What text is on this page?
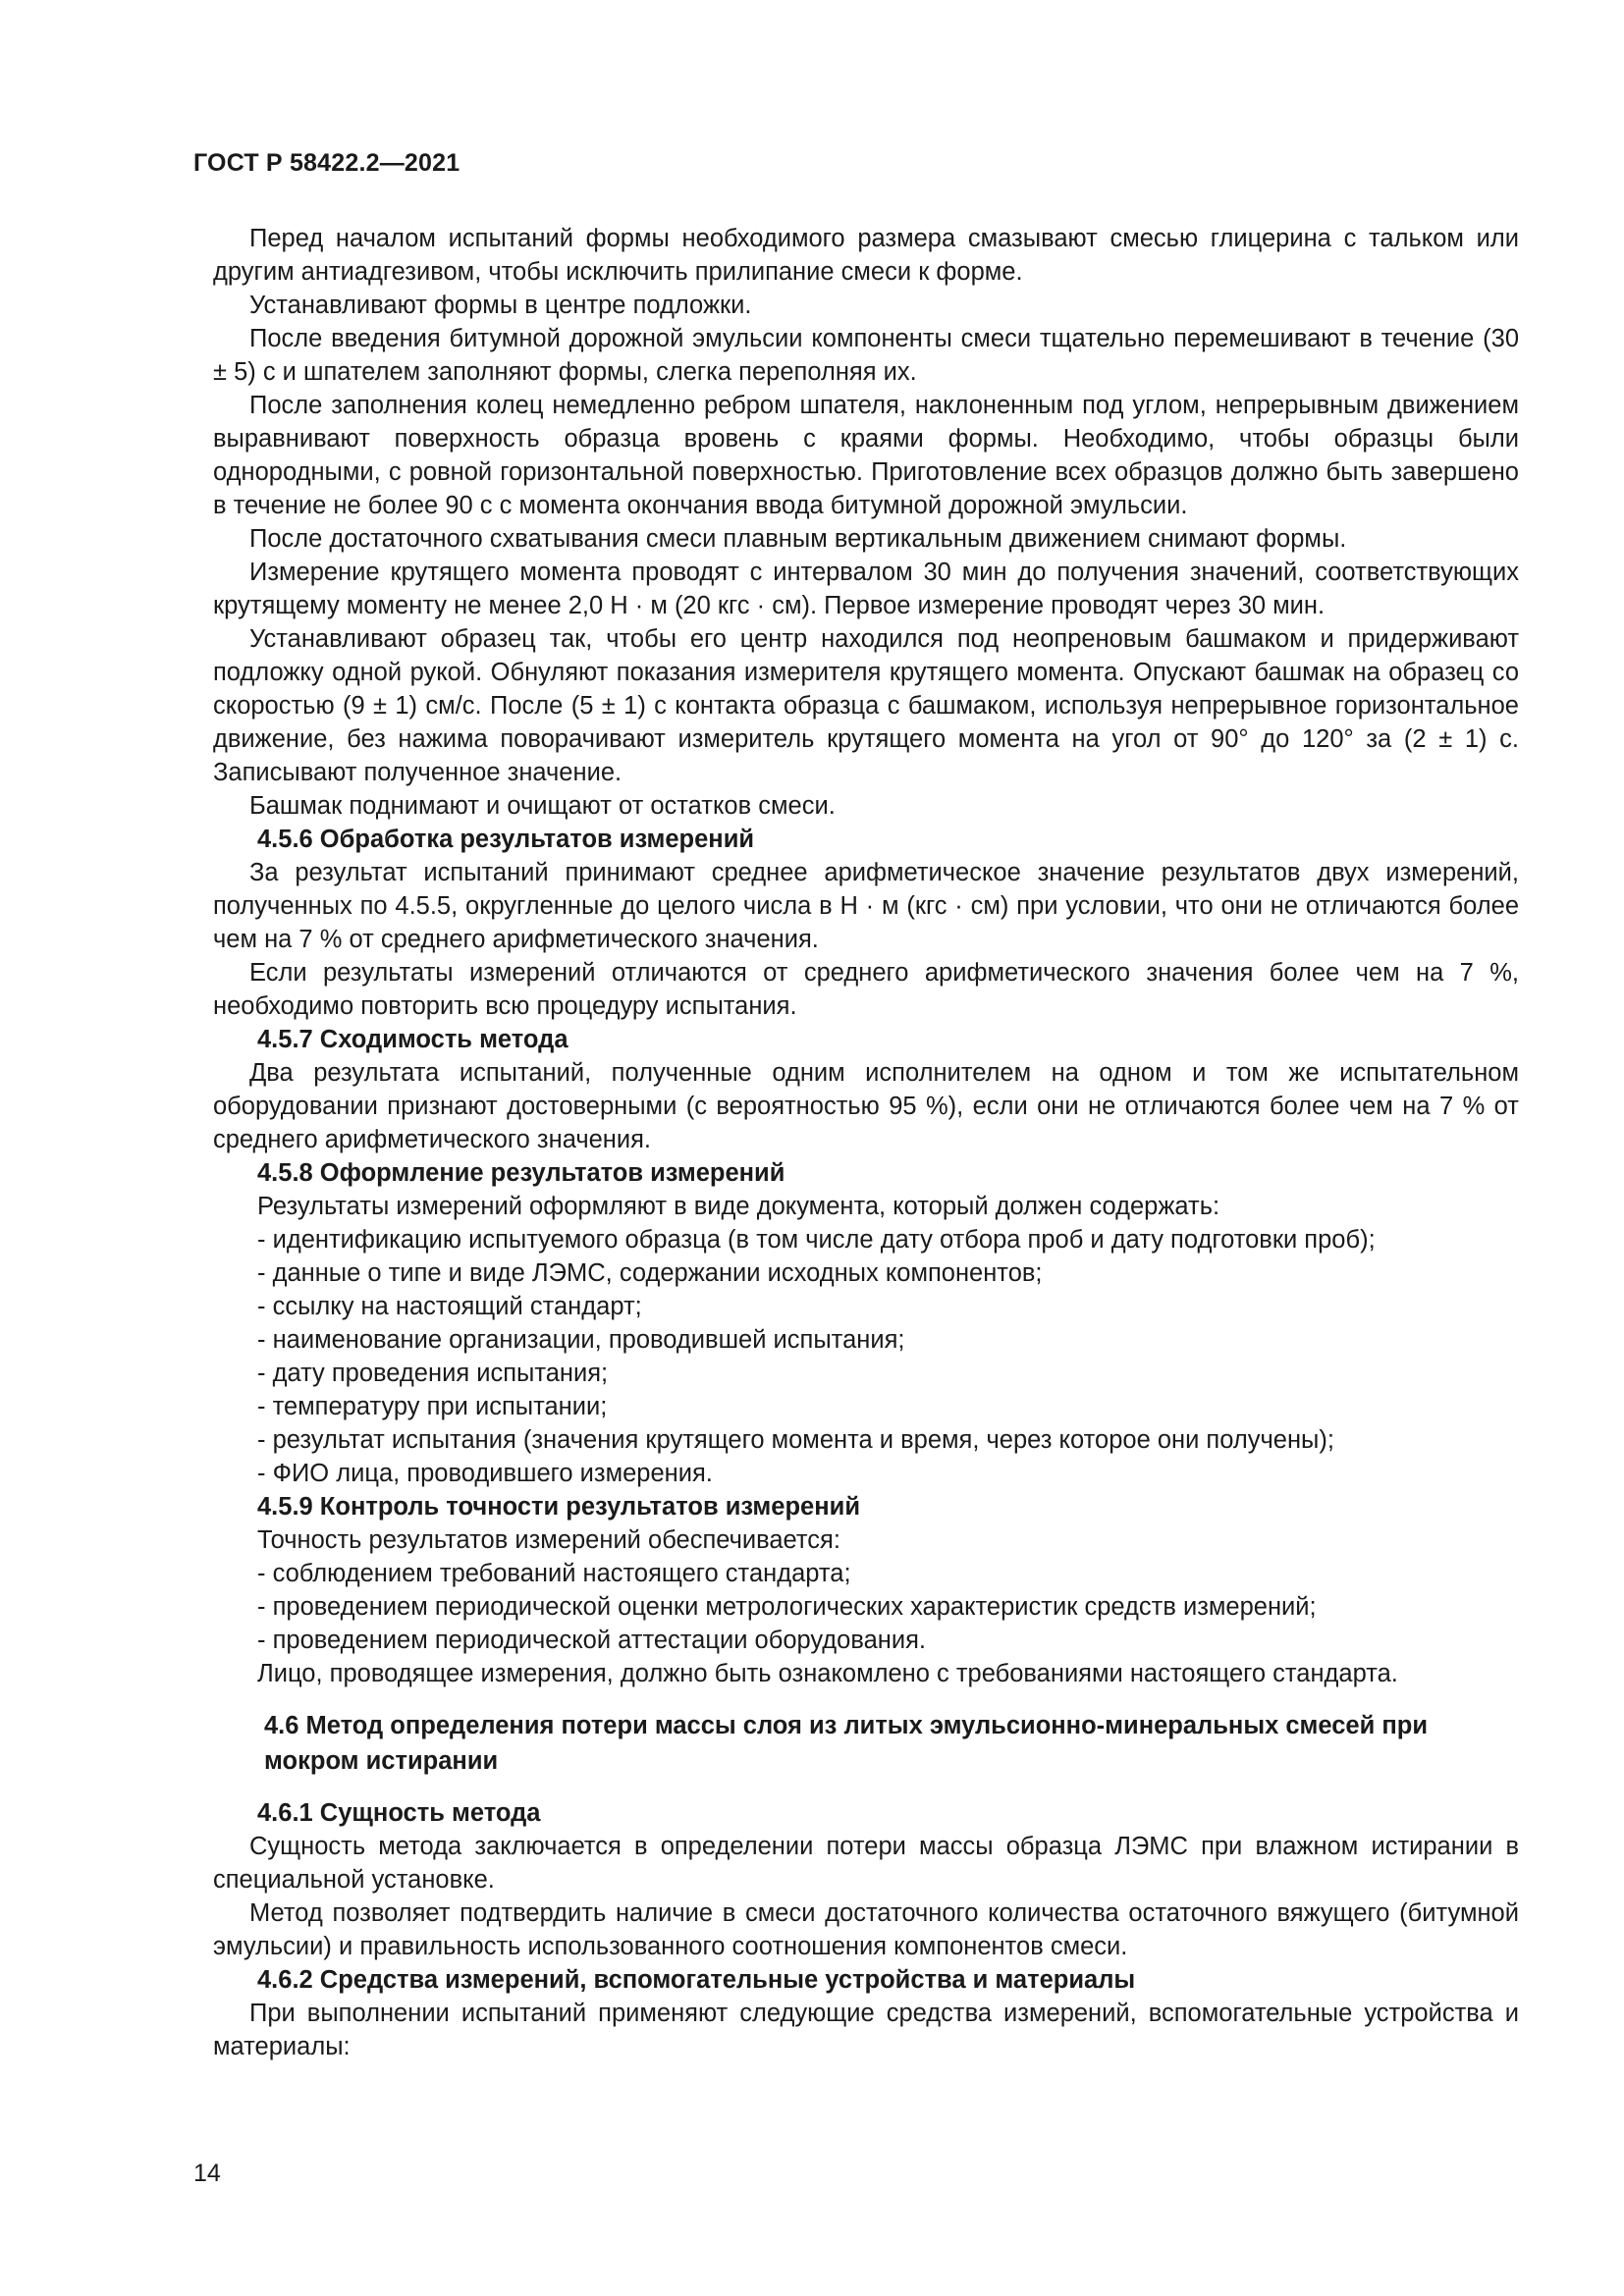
ГОСТ Р 58422.2—2021

Перед началом испытаний формы необходимого размера смазывают смесью глицерина с тальком или другим антиадгезивом, чтобы исключить прилипание смеси к форме.

Устанавливают формы в центре подложки.

После введения битумной дорожной эмульсии компоненты смеси тщательно перемешивают в течение (30 ± 5) с и шпателем заполняют формы, слегка переполняя их.

После заполнения колец немедленно ребром шпателя, наклоненным под углом, непрерывным движением выравнивают поверхность образца вровень с краями формы. Необходимо, чтобы образцы были однородными, с ровной горизонтальной поверхностью. Приготовление всех образцов должно быть завершено в течение не более 90 с с момента окончания ввода битумной дорожной эмульсии.

После достаточного схватывания смеси плавным вертикальным движением снимают формы.

Измерение крутящего момента проводят с интервалом 30 мин до получения значений, соответствующих крутящему моменту не менее 2,0 Н · м (20 кгс · см). Первое измерение проводят через 30 мин.

Устанавливают образец так, чтобы его центр находился под неопреновым башмаком и придерживают подложку одной рукой. Обнуляют показания измерителя крутящего момента. Опускают башмак на образец со скоростью (9 ± 1) см/с. После (5 ± 1) с контакта образца с башмаком, используя непрерывное горизонтальное движение, без нажима поворачивают измеритель крутящего момента на угол от 90° до 120° за (2 ± 1) с. Записывают полученное значение.

Башмак поднимают и очищают от остатков смеси.

4.5.6 Обработка результатов измерений

За результат испытаний принимают среднее арифметическое значение результатов двух измерений, полученных по 4.5.5, округленные до целого числа в Н · м (кгс · см) при условии, что они не отличаются более чем на 7 % от среднего арифметического значения.

Если результаты измерений отличаются от среднего арифметического значения более чем на 7 %, необходимо повторить всю процедуру испытания.

4.5.7 Сходимость метода

Два результата испытаний, полученные одним исполнителем на одном и том же испытательном оборудовании признают достоверными (с вероятностью 95 %), если они не отличаются более чем на 7 % от среднего арифметического значения.

4.5.8 Оформление результатов измерений

Результаты измерений оформляют в виде документа, который должен содержать:

- идентификацию испытуемого образца (в том числе дату отбора проб и дату подготовки проб);

- данные о типе и виде ЛЭМС, содержании исходных компонентов;

- ссылку на настоящий стандарт;

- наименование организации, проводившей испытания;

- дату проведения испытания;

- температуру при испытании;

- результат испытания (значения крутящего момента и время, через которое они получены);

- ФИО лица, проводившего измерения.

4.5.9 Контроль точности результатов измерений

Точность результатов измерений обеспечивается:

- соблюдением требований настоящего стандарта;

- проведением периодической оценки метрологических характеристик средств измерений;

- проведением периодической аттестации оборудования.

Лицо, проводящее измерения, должно быть ознакомлено с требованиями настоящего стандарта.

4.6 Метод определения потери массы слоя из литых эмульсионно-минеральных смесей при мокром истирании

4.6.1 Сущность метода

Сущность метода заключается в определении потери массы образца ЛЭМС при влажном истирании в специальной установке.

Метод позволяет подтвердить наличие в смеси достаточного количества остаточного вяжущего (битумной эмульсии) и правильность использованного соотношения компонентов смеси.

4.6.2 Средства измерений, вспомогательные устройства и материалы

При выполнении испытаний применяют следующие средства измерений, вспомогательные устройства и материалы:

14
